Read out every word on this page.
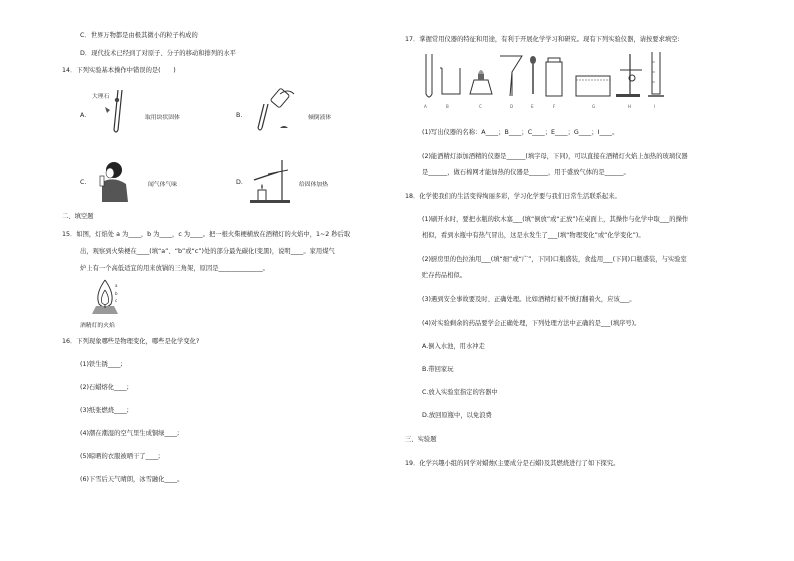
C．世界万物都是由极其微小的粒子构成的
D．现代技术已经到了对原子、分子的移动和排列的水平
14．下列实验基本操作中错误的是(　　)
A.
大理石
取用块状固体	B.	倾倒液体
C.	闻气体气味	D.	给固体加热
二、填空题
15．如图，灯焰处 a 为____，b 为____，c 为____。把一根火柴梗横放在酒精灯的火焰中，1~2 秒后取
出，观察到火柴梗在____(填“a”、“b”或“c”)处的部分最先碳化(变黑)，说明____。家用煤气
炉上有一个高低适宜的用来放锅的三角架，原因是______________。
a
b
c
酒精灯的火焰
16．下列现象哪些是物理变化，哪些是化学变化?
(1)铁生锈____;
(2)石蜡熔化____;
(3)纸张燃烧____;
(4)潮在潮湿的空气里生成铜绿____;
(5)晾晒的衣服被晒干了____;
(6)下雪后天气晴朗，冰雪融化____。
17．掌握常用仪器的特征和用途，有利于开展化学学习和研究。现有下列实验仪器，请按要求填空:
A	B	C	D	E	F	G	H	I
(1)写出仪器的名称：A____；B____；C____；E____；G____；I____。
(2)能酒精灯添加酒精的仪器是______(填字母，下同)，可以直接在酒精灯火焰上加热的玻璃仪器
是______，做石棉网才能加热的仪器是______，用于盛放气体的是______。
18．化学使我们的生活变得绚丽多彩，学习化学要与我们日常生活联系起来。
(1)刷开水时，要把水瓶的软木塞___(填“倒放”或“正放”)在桌面上，其操作与化学中取___的操作
相似，看到水瓶中有热气冒出，这是水发生了___(填“物理变化”或“化学变化”)。
(2)厨房里的色拉油用___(填“细”或“广”，下同)口瓶盛装，食盐用___(下同)口瓶盛装，与实验室
贮存药品相似。
(3)遇到安全事故要及时、正确处理。比如酒精灯被不慎打翻着火，应该___。
(4)对实验剩余的药品要学会正确处理，下列处理方法中正确的是___(填序号)。
A.倒入水池，用水冲走
B.带回家玩
C.放入实验室指定的容器中
D.放回原瓶中，以免浪费
三、实验题
19．化学兴趣小组的同学对蜡烛(主要成分是石蜡)及其燃烧进行了如下探究。
